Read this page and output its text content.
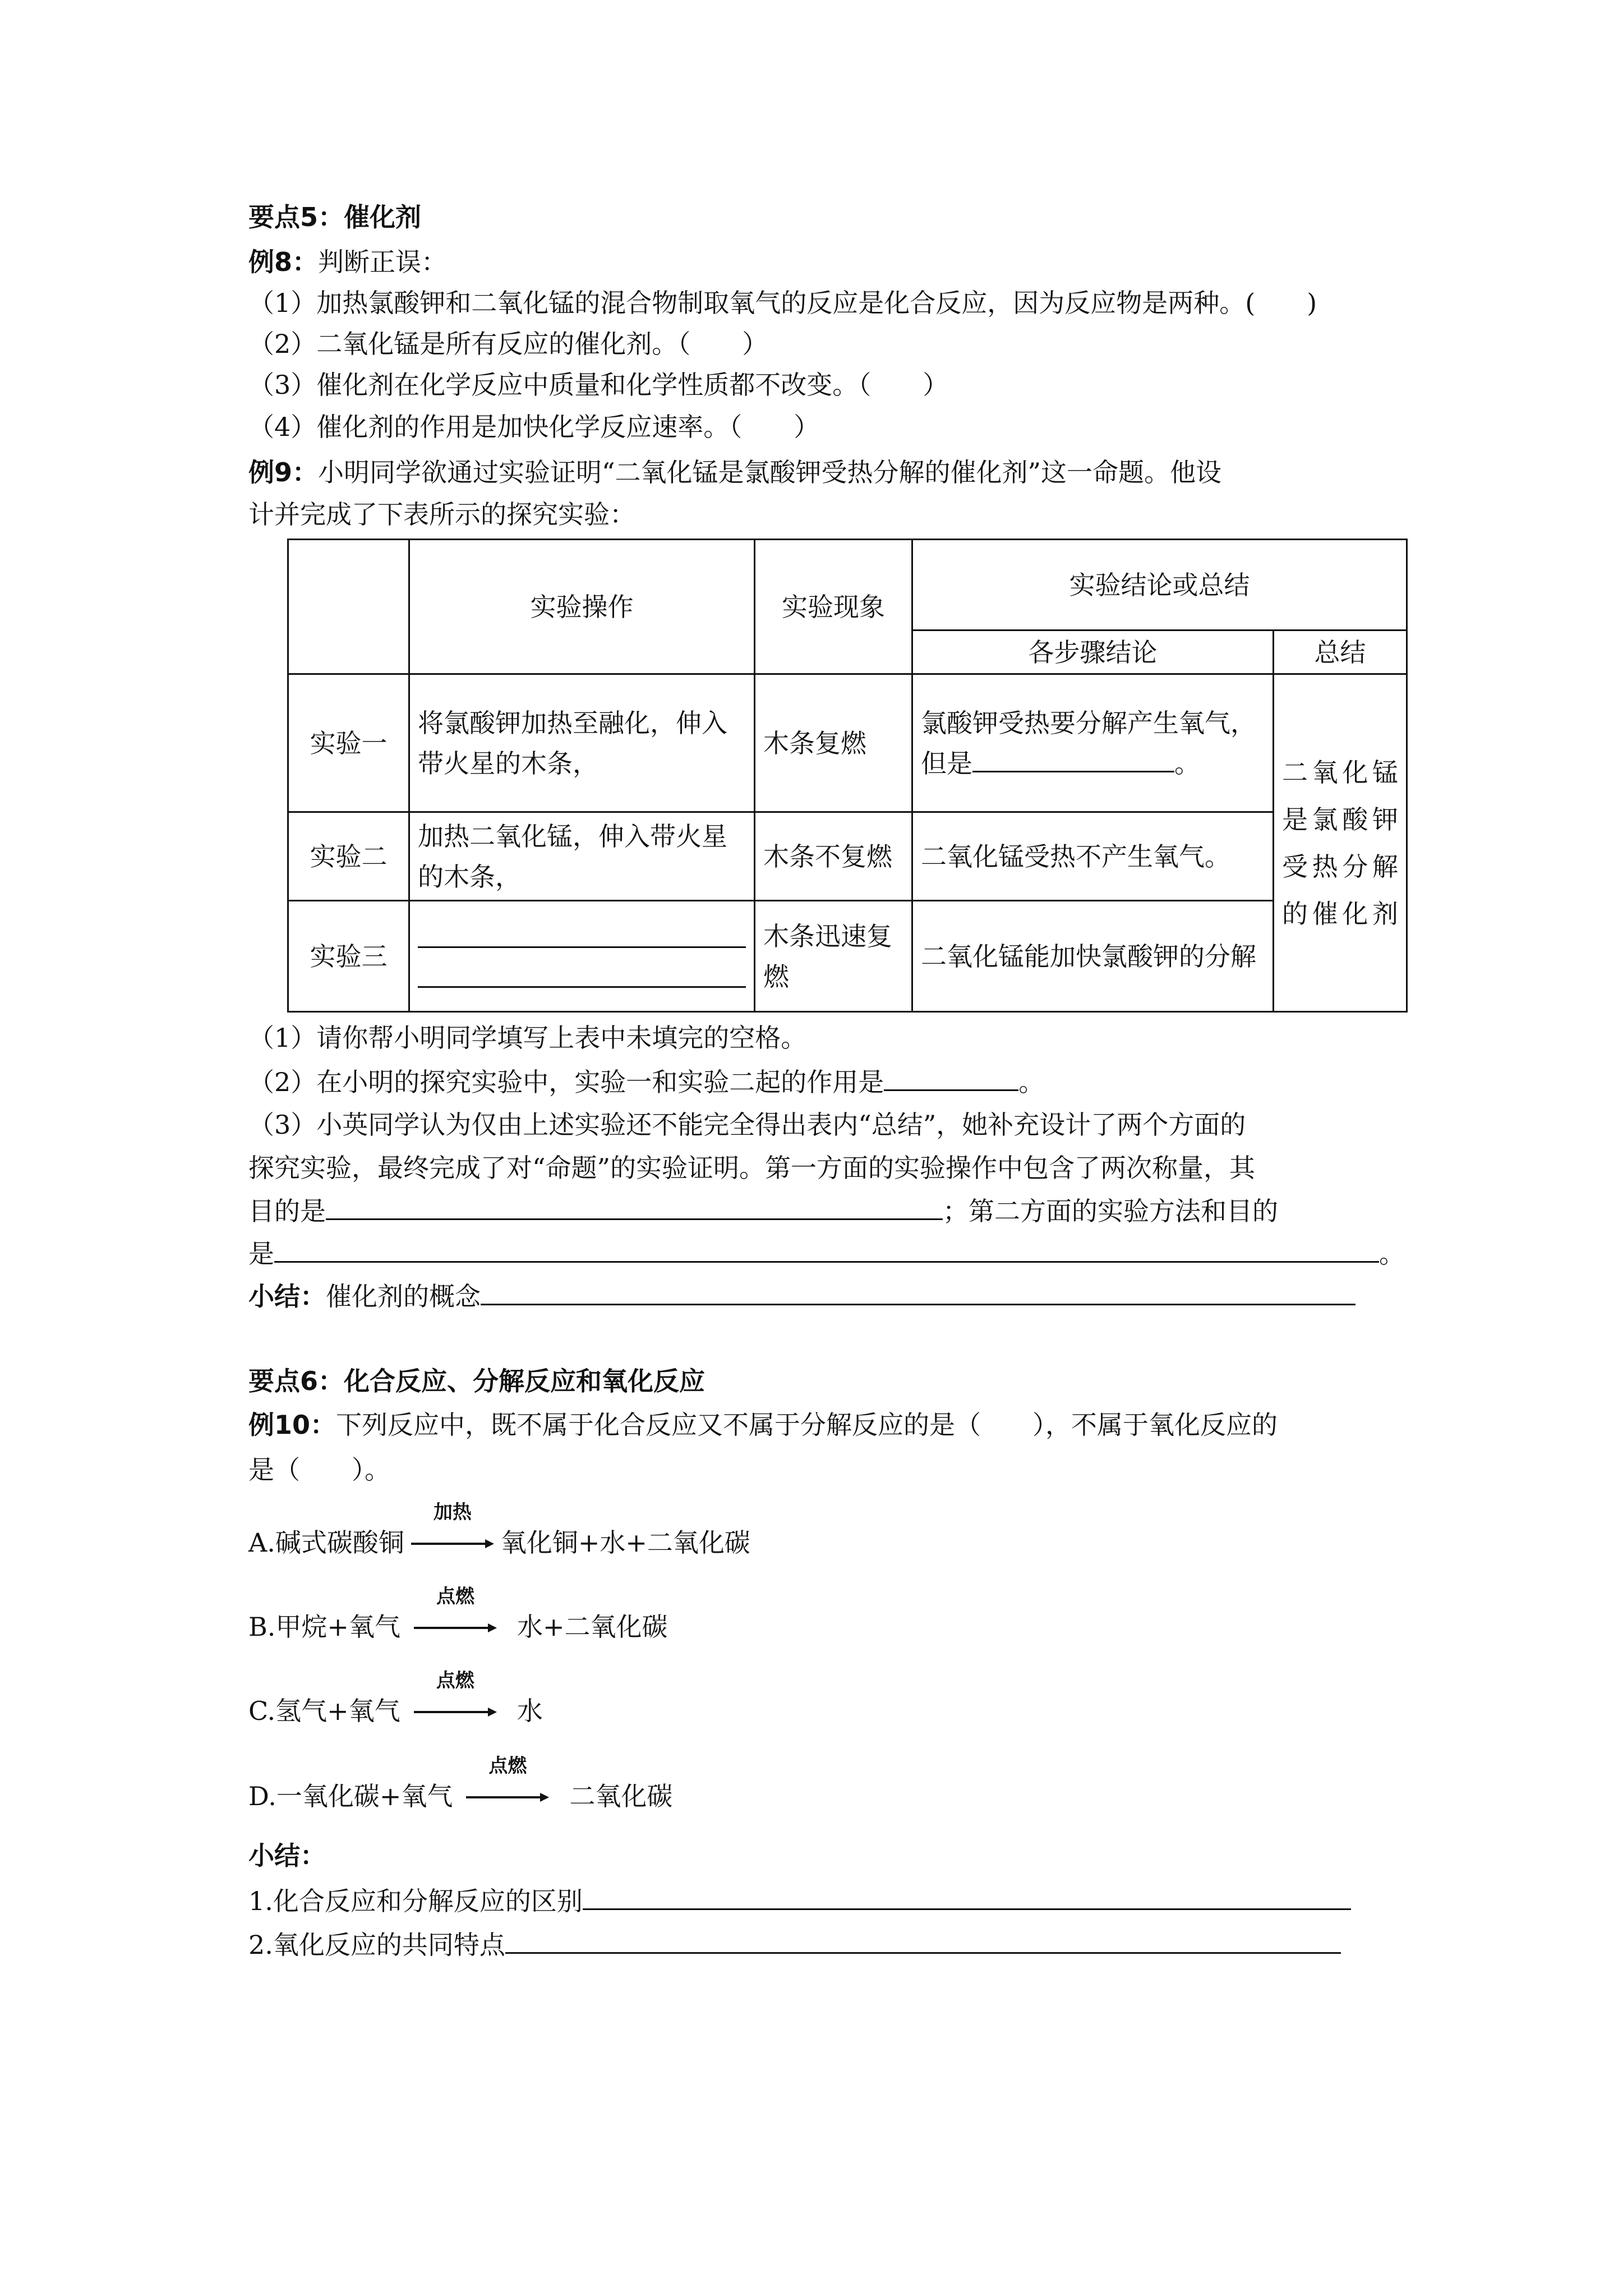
要点5：催化剂
例8：判断正误：
（1）加热氯酸钾和二氧化锰的混合物制取氧气的反应是化合反应，因为反应物是两种。(　　)
（2）二氧化锰是所有反应的催化剂。（　　）
（3）催化剂在化学反应中质量和化学性质都不改变。（　　）
（4）催化剂的作用是加快化学反应速率。（　　）
例9：小明同学欲通过实验证明“二氧化锰是氯酸钾受热分解的催化剂”这一命题。他设
计并完成了下表所示的探究实验：
	实验操作	实验现象	实验结论或总结	
			各步骤结论	总结
实验一	将氯酸钾加热至融化，伸入带火星的木条，	木条复燃	氯酸钾受热要分解产生氧气，但是 。	二氧化锰是氯酸钾受热分解的催化剂
实验二	加热二氧化锰，伸入带火星的木条，	木条不复燃	二氧化锰受热不产生氧气。	
实验三		木条迅速复燃	二氧化锰能加快氯酸钾的分解	
（1）请你帮小明同学填写上表中未填完的空格。
（2）在小明的探究实验中，实验一和实验二起的作用是	。
（3）小英同学认为仅由上述实验还不能完全得出表内“总结”，她补充设计了两个方面的
探究实验，最终完成了对“命题”的实验证明。第一方面的实验操作中包含了两次称量，其
目的是	；第二方面的实验方法和目的
是	。
小结：催化剂的概念
要点6：化合反应、分解反应和氧化反应
例10：下列反应中，既不属于化合反应又不属于分解反应的是（　　），不属于氧化反应的
是（　　）。
A.碱式碳酸铜
加热
氧化铜+水+二氧化碳
B.甲烷+氧气
点燃
水+二氧化碳
C.氢气+氧气
点燃
水
D.一氧化碳+氧气
点燃
二氧化碳
小结：
1.化合反应和分解反应的区别
2.氧化反应的共同特点
